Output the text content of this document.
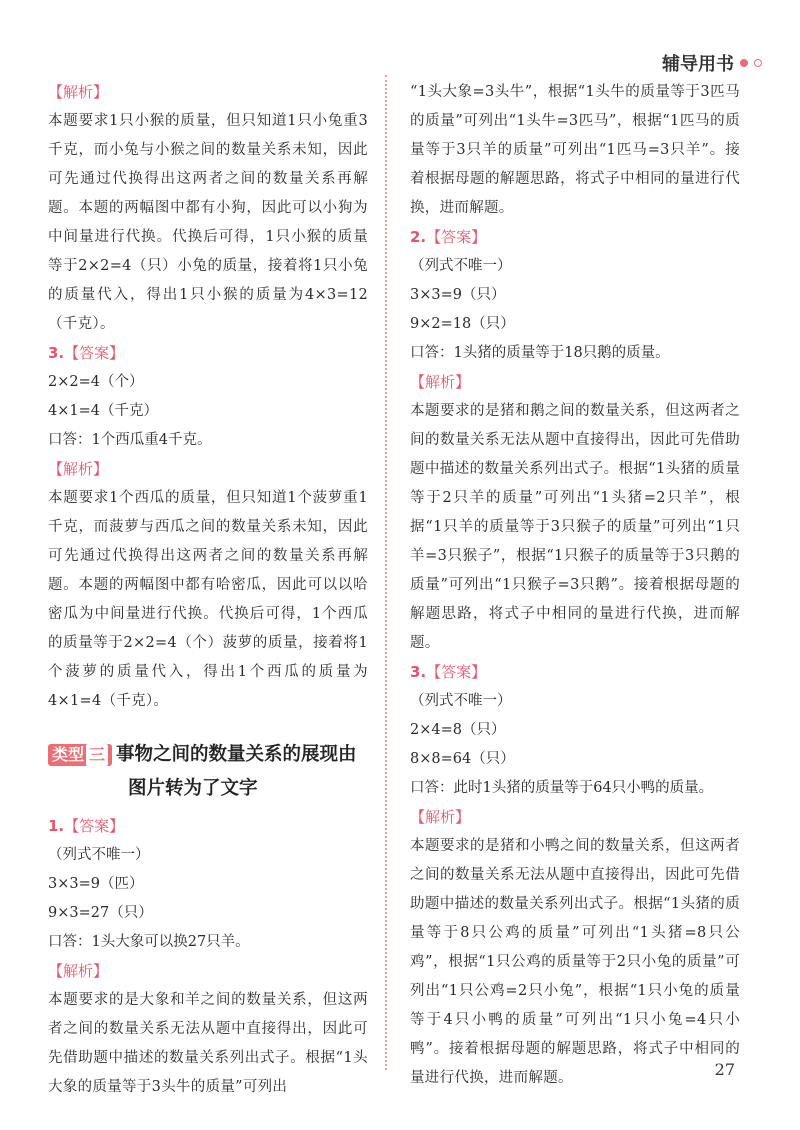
辅导用书

【解析】

本题要求1只小猴的质量，但只知道1只小兔重3千克，而小兔与小猴之间的数量关系未知，因此可先通过代换得出这两者之间的数量关系再解题。本题的两幅图中都有小狗，因此可以小狗为中间量进行代换。代换后可得，1只小猴的质量等于2×2=4（只）小兔的质量，接着将1只小兔的质量代入，得出1只小猴的质量为4×3=12（千克）。

3.【答案】

2×2=4（个）

4×1=4（千克）

口答：1个西瓜重4千克。

【解析】

本题要求1个西瓜的质量，但只知道1个菠萝重1千克，而菠萝与西瓜之间的数量关系未知，因此可先通过代换得出这两者之间的数量关系再解题。本题的两幅图中都有哈密瓜，因此可以以哈密瓜为中间量进行代换。代换后可得，1个西瓜的质量等于2×2=4（个）菠萝的质量，接着将1个菠萝的质量代入，得出1个西瓜的质量为4×1=4（千克）。

类型 三 事物之间的数量关系的展现由
图片转为了文字

1.【答案】

（列式不唯一）

3×3=9（匹）

9×3=27（只）

口答：1头大象可以换27只羊。

【解析】

本题要求的是大象和羊之间的数量关系，但这两者之间的数量关系无法从题中直接得出，因此可先借助题中描述的数量关系列出式子。根据“1头大象的质量等于3头牛的质量”可列出

“1头大象=3头牛”，根据“1头牛的质量等于3匹马的质量”可列出“1头牛=3匹马”，根据“1匹马的质量等于3只羊的质量”可列出“1匹马=3只羊”。接着根据母题的解题思路，将式子中相同的量进行代换，进而解题。

2.【答案】

（列式不唯一）

3×3=9（只）

9×2=18（只）

口答：1头猪的质量等于18只鹅的质量。

【解析】

本题要求的是猪和鹅之间的数量关系，但这两者之间的数量关系无法从题中直接得出，因此可先借助题中描述的数量关系列出式子。根据“1头猪的质量等于2只羊的质量”可列出“1头猪=2只羊”，根据“1只羊的质量等于3只猴子的质量”可列出“1只羊=3只猴子”，根据“1只猴子的质量等于3只鹅的质量”可列出“1只猴子=3只鹅”。接着根据母题的解题思路，将式子中相同的量进行代换，进而解题。

3.【答案】

（列式不唯一）

2×4=8（只）

8×8=64（只）

口答：此时1头猪的质量等于64只小鸭的质量。

【解析】

本题要求的是猪和小鸭之间的数量关系，但这两者之间的数量关系无法从题中直接得出，因此可先借助题中描述的数量关系列出式子。根据“1头猪的质量等于8只公鸡的质量”可列出“1头猪=8只公鸡”，根据“1只公鸡的质量等于2只小兔的质量”可列出“1只公鸡=2只小兔”，根据“1只小兔的质量等于4只小鸭的质量”可列出“1只小兔=4只小鸭”。接着根据母题的解题思路，将式子中相同的量进行代换，进而解题。	27
